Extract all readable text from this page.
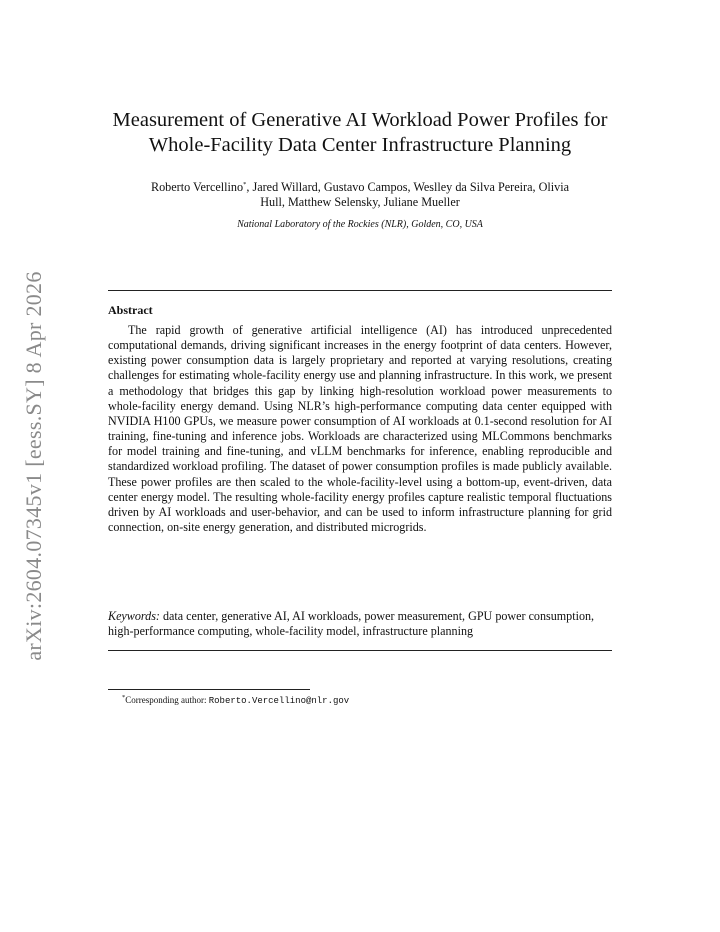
arXiv:2604.07345v1 [eess.SY] 8 Apr 2026
Measurement of Generative AI Workload Power Profiles for
Whole-Facility Data Center Infrastructure Planning
Roberto Vercellino*, Jared Willard, Gustavo Campos, Weslley da Silva Pereira, Olivia
Hull, Matthew Selensky, Juliane Mueller
National Laboratory of the Rockies (NLR), Golden, CO, USA
Abstract

The rapid growth of generative artificial intelligence (AI) has introduced unprecedented computational demands, driving significant increases in the energy footprint of data centers. However, existing power consumption data is largely proprietary and reported at varying resolutions, creating challenges for estimating whole-facility energy use and planning infrastructure. In this work, we present a methodology that bridges this gap by linking high-resolution workload power measurements to whole-facility energy demand. Using NLR’s high-performance computing data center equipped with NVIDIA H100 GPUs, we measure power consumption of AI workloads at 0.1-second resolution for AI training, fine-tuning and inference jobs. Workloads are characterized using MLCommons benchmarks for model training and fine-tuning, and vLLM benchmarks for inference, enabling reproducible and standardized workload profiling. The dataset of power consumption profiles is made publicly available. These power profiles are then scaled to the whole-facility-level using a bottom-up, event-driven, data center energy model. The resulting whole-facility energy profiles capture realistic temporal fluctuations driven by AI workloads and user-behavior, and can be used to inform infrastructure planning for grid connection, on-site energy generation, and distributed microgrids.

Keywords: data center, generative AI, AI workloads, power measurement, GPU power consumption, high-performance computing, whole-facility model, infrastructure planning

*Corresponding author: Roberto.Vercellino@nlr.gov
